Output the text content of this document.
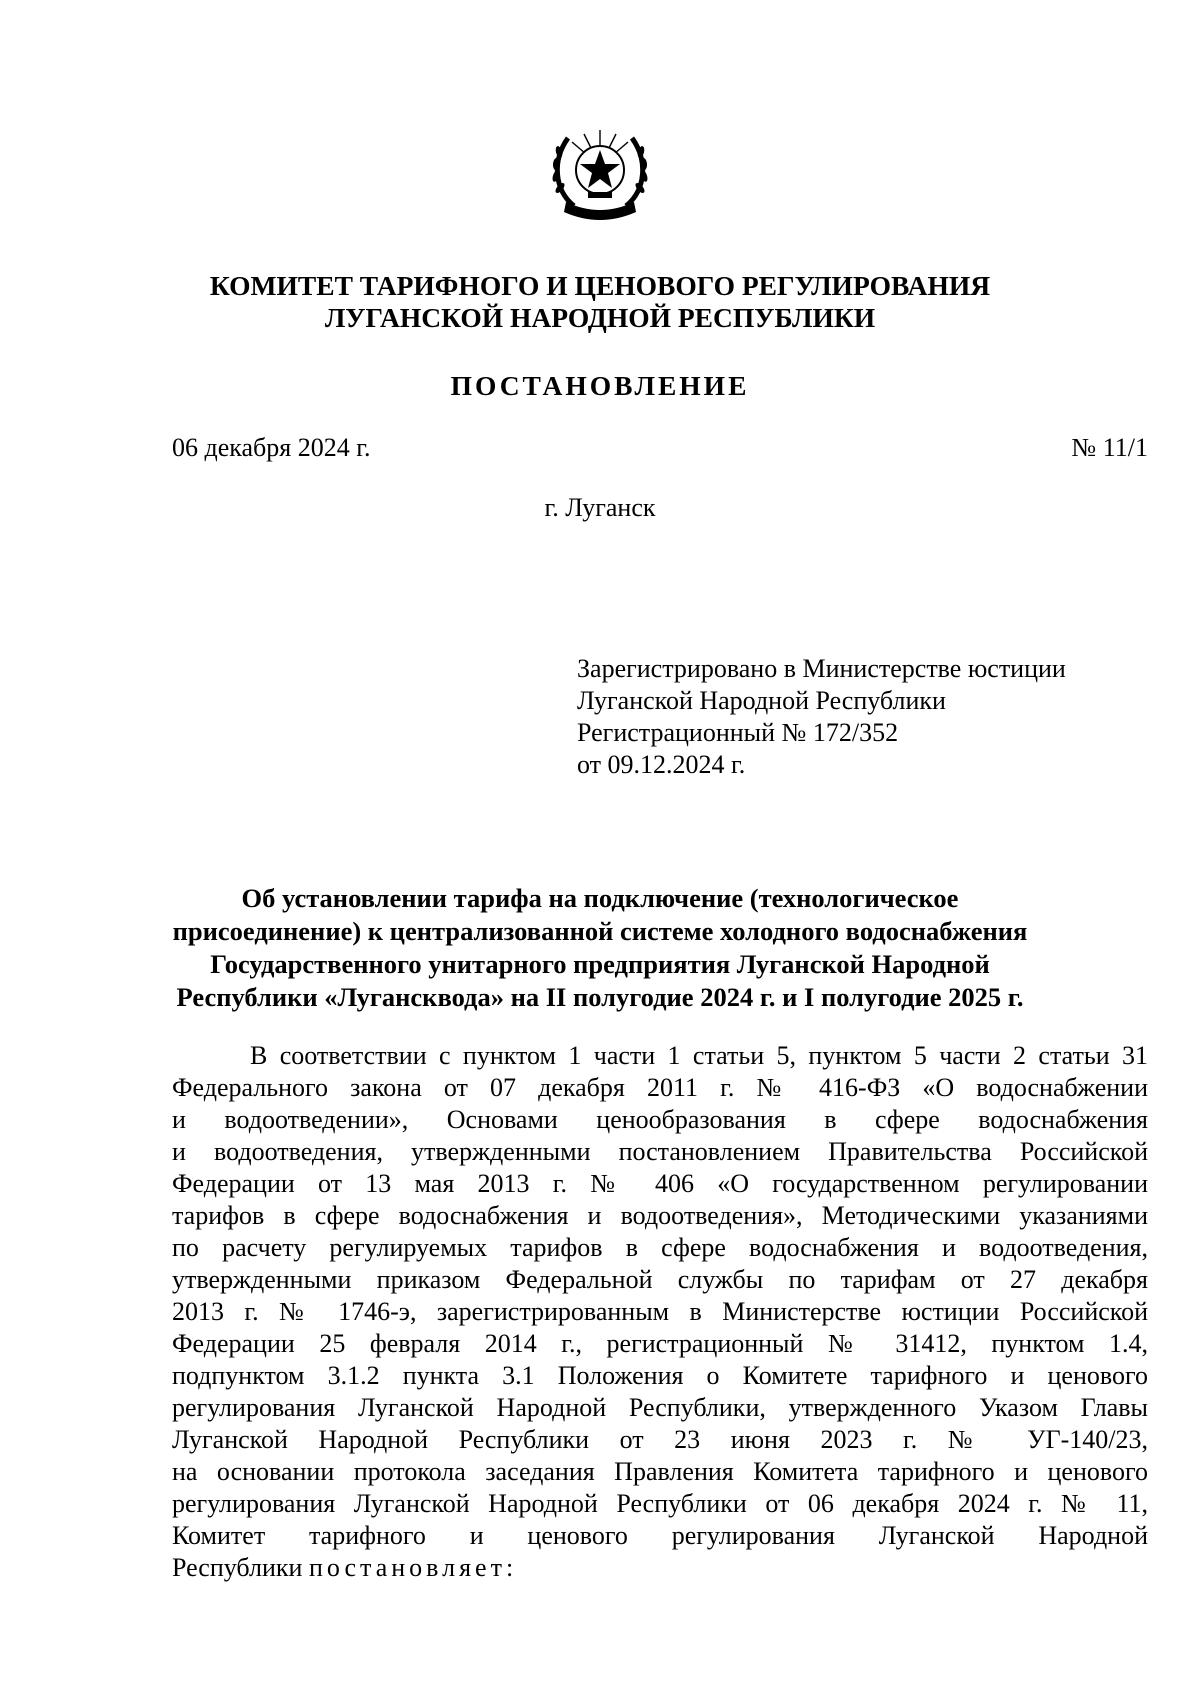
КОМИТЕТ ТАРИФНОГО И ЦЕНОВОГО РЕГУЛИРОВАНИЯ
ЛУГАНСКОЙ НАРОДНОЙ РЕСПУБЛИКИ
ПОСТАНОВЛЕНИЕ
06 декабря 2024 г.	№ 11/1
г. Луганск
Зарегистрировано в Министерстве юстиции
Луганской Народной Республики
Регистрационный № 172/352
от 09.12.2024 г.
Об установлении тарифа на подключение (технологическое
присоединение) к централизованной системе холодного водоснабжения
Государственного унитарного предприятия Луганской Народной
Республики «Лугансквода» на II полугодие 2024 г. и I полугодие 2025 г.
В соответствии с пунктом 1 части 1 статьи 5, пунктом 5 части 2 статьи 31
Федерального закона от 07 декабря 2011 г. № 416-ФЗ «О водоснабжении
и водоотведении», Основами ценообразования в сфере водоснабжения
и водоотведения, утвержденными постановлением Правительства Российской
Федерации от 13 мая 2013 г. № 406 «О государственном регулировании
тарифов в сфере водоснабжения и водоотведения», Методическими указаниями
по расчету регулируемых тарифов в сфере водоснабжения и водоотведения,
утвержденными приказом Федеральной службы по тарифам от 27 декабря
2013 г. № 1746-э, зарегистрированным в Министерстве юстиции Российской
Федерации 25 февраля 2014 г., регистрационный № 31412, пунктом 1.4,
подпунктом 3.1.2 пункта 3.1 Положения о Комитете тарифного и ценового
регулирования Луганской Народной Республики, утвержденного Указом Главы
Луганской Народной Республики от 23 июня 2023 г. № УГ-140/23,
на основании протокола заседания Правления Комитета тарифного и ценового
регулирования Луганской Народной Республики от 06 декабря 2024 г. № 11,
Комитет тарифного и ценового регулирования Луганской Народной
Республики постановляет:
